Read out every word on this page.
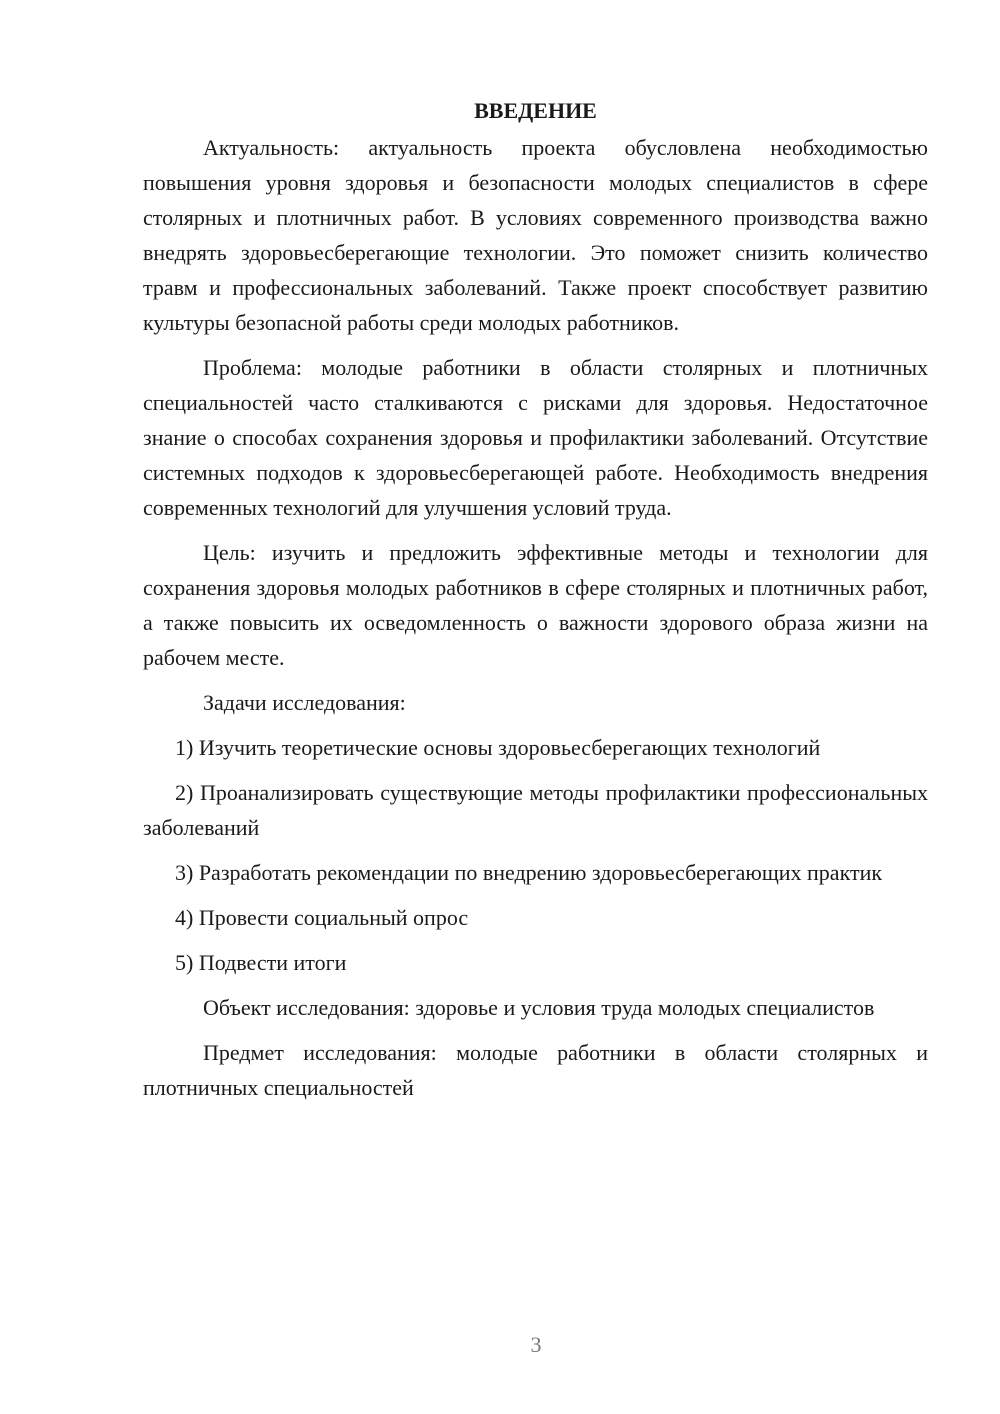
ВВЕДЕНИЕ

Актуальность: актуальность проекта обусловлена необходимостью повышения уровня здоровья и безопасности молодых специалистов в сфере столярных и плотничных работ. В условиях современного производства важно внедрять здоровьесберегающие технологии. Это поможет снизить количество травм и профессиональных заболеваний. Также проект способствует развитию культуры безопасной работы среди молодых работников.

Проблема: молодые работники в области столярных и плотничных специальностей часто сталкиваются с рисками для здоровья. Недостаточное знание о способах сохранения здоровья и профилактики заболеваний. Отсутствие системных подходов к здоровьесберегающей работе. Необходимость внедрения современных технологий для улучшения условий труда.

Цель: изучить и предложить эффективные методы и технологии для сохранения здоровья молодых работников в сфере столярных и плотничных работ, а также повысить их осведомленность о важности здорового образа жизни на рабочем месте.

Задачи исследования:

1) Изучить теоретические основы здоровьесберегающих технологий

2) Проанализировать существующие методы профилактики профессиональных заболеваний

3) Разработать рекомендации по внедрению здоровьесберегающих практик

4) Провести социальный опрос

5) Подвести итоги

Объект исследования: здоровье и условия труда молодых специалистов

Предмет исследования: молодые работники в области столярных и плотничных специальностей

3
